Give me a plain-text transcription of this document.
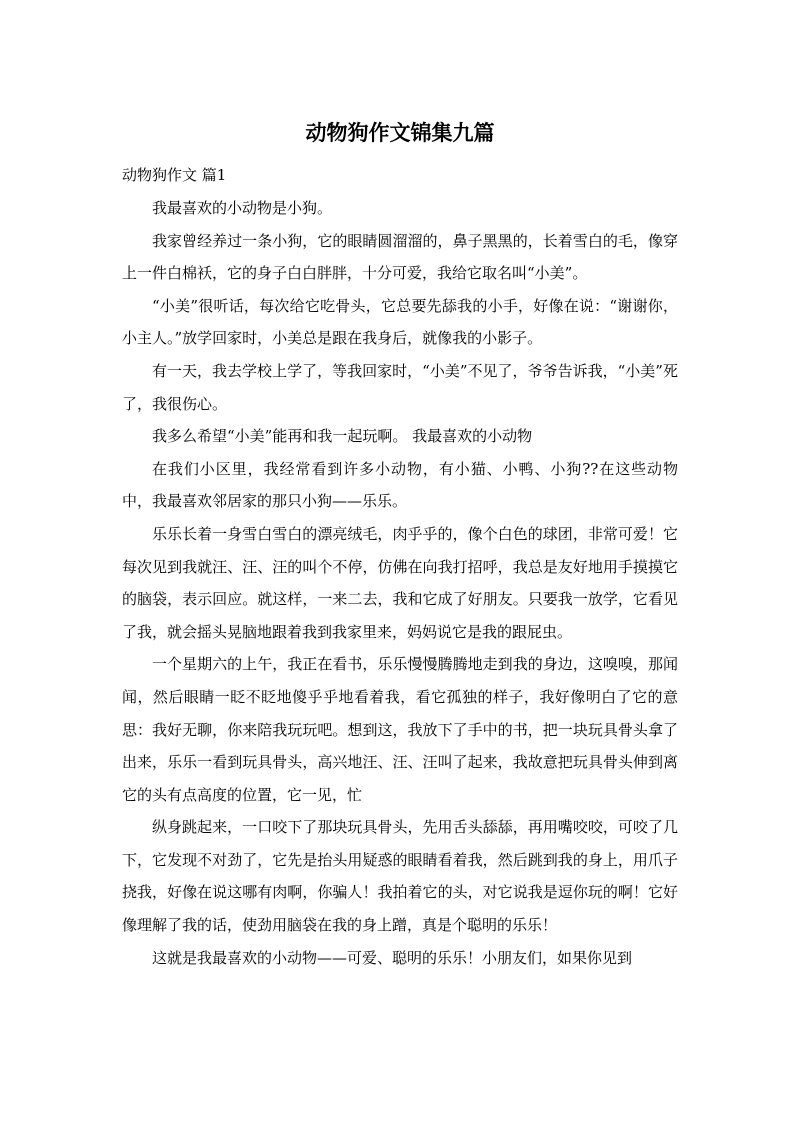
动物狗作文锦集九篇
动物狗作文 篇1

我最喜欢的小动物是小狗。

我家曾经养过一条小狗，它的眼睛圆溜溜的，鼻子黑黑的，长着雪白的毛，像穿上一件白棉袄，它的身子白白胖胖，十分可爱，我给它取名叫“小美”。

“小美”很听话，每次给它吃骨头，它总要先舔我的小手，好像在说：“谢谢你，小主人。”放学回家时，小美总是跟在我身后，就像我的小影子。

有一天，我去学校上学了，等我回家时，“小美”不见了，爷爷告诉我，“小美”死了，我很伤心。

我多么希望“小美”能再和我一起玩啊。 我最喜欢的小动物

在我们小区里，我经常看到许多小动物，有小猫、小鸭、小狗??在这些动物中，我最喜欢邻居家的那只小狗——乐乐。

乐乐长着一身雪白雪白的漂亮绒毛，肉乎乎的，像个白色的球团，非常可爱！它每次见到我就汪、汪、汪的叫个不停，仿佛在向我打招呼，我总是友好地用手摸摸它的脑袋，表示回应。就这样，一来二去，我和它成了好朋友。只要我一放学，它看见了我，就会摇头晃脑地跟着我到我家里来，妈妈说它是我的跟屁虫。

一个星期六的上午，我正在看书，乐乐慢慢腾腾地走到我的身边，这嗅嗅，那闻闻，然后眼睛一眨不眨地傻乎乎地看着我，看它孤独的样子，我好像明白了它的意思：我好无聊，你来陪我玩玩吧。想到这，我放下了手中的书，把一块玩具骨头拿了出来，乐乐一看到玩具骨头，高兴地汪、汪、汪叫了起来，我故意把玩具骨头伸到离它的头有点高度的位置，它一见，忙

纵身跳起来，一口咬下了那块玩具骨头，先用舌头舔舔，再用嘴咬咬，可咬了几下，它发现不对劲了，它先是抬头用疑惑的眼睛看着我，然后跳到我的身上，用爪子挠我，好像在说这哪有肉啊，你骗人！我拍着它的头，对它说我是逗你玩的啊！它好像理解了我的话，使劲用脑袋在我的身上蹭，真是个聪明的乐乐！

这就是我最喜欢的小动物——可爱、聪明的乐乐！小朋友们，如果你见到
